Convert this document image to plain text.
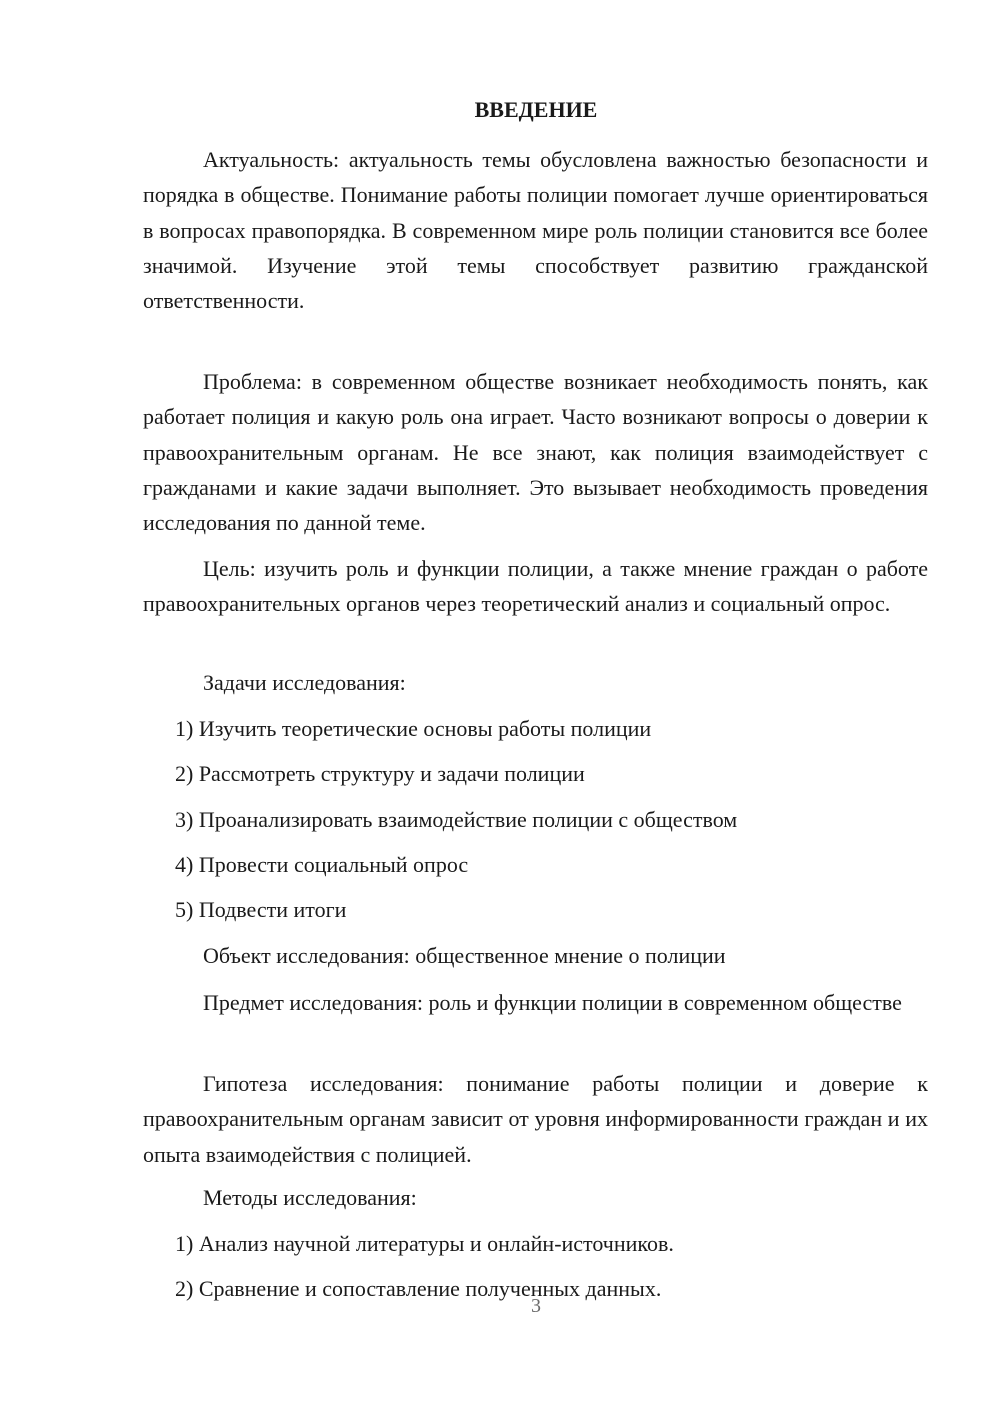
ВВЕДЕНИЕ

Актуальность: актуальность темы обусловлена важностью безопасности и порядка в обществе. Понимание работы полиции помогает лучше ориентироваться в вопросах правопорядка. В современном мире роль полиции становится все более значимой. Изучение этой темы способствует развитию гражданской ответственности.

Проблема: в современном обществе возникает необходимость понять, как работает полиция и какую роль она играет. Часто возникают вопросы о доверии к правоохранительным органам. Не все знают, как полиция взаимодействует с гражданами и какие задачи выполняет. Это вызывает необходимость проведения исследования по данной теме.

Цель: изучить роль и функции полиции, а также мнение граждан о работе правоохранительных органов через теоретический анализ и социальный опрос.

Задачи исследования:
1) Изучить теоретические основы работы полиции
2) Рассмотреть структуру и задачи полиции
3) Проанализировать взаимодействие полиции с обществом
4) Провести социальный опрос
5) Подвести итоги
Объект исследования: общественное мнение о полиции

Предмет исследования: роль и функции полиции в современном обществе

Гипотеза исследования: понимание работы полиции и доверие к правоохранительным органам зависит от уровня информированности граждан и их опыта взаимодействия с полицией.

Методы исследования:
1) Анализ научной литературы и онлайн-источников.
2) Сравнение и сопоставление полученных данных.
3
